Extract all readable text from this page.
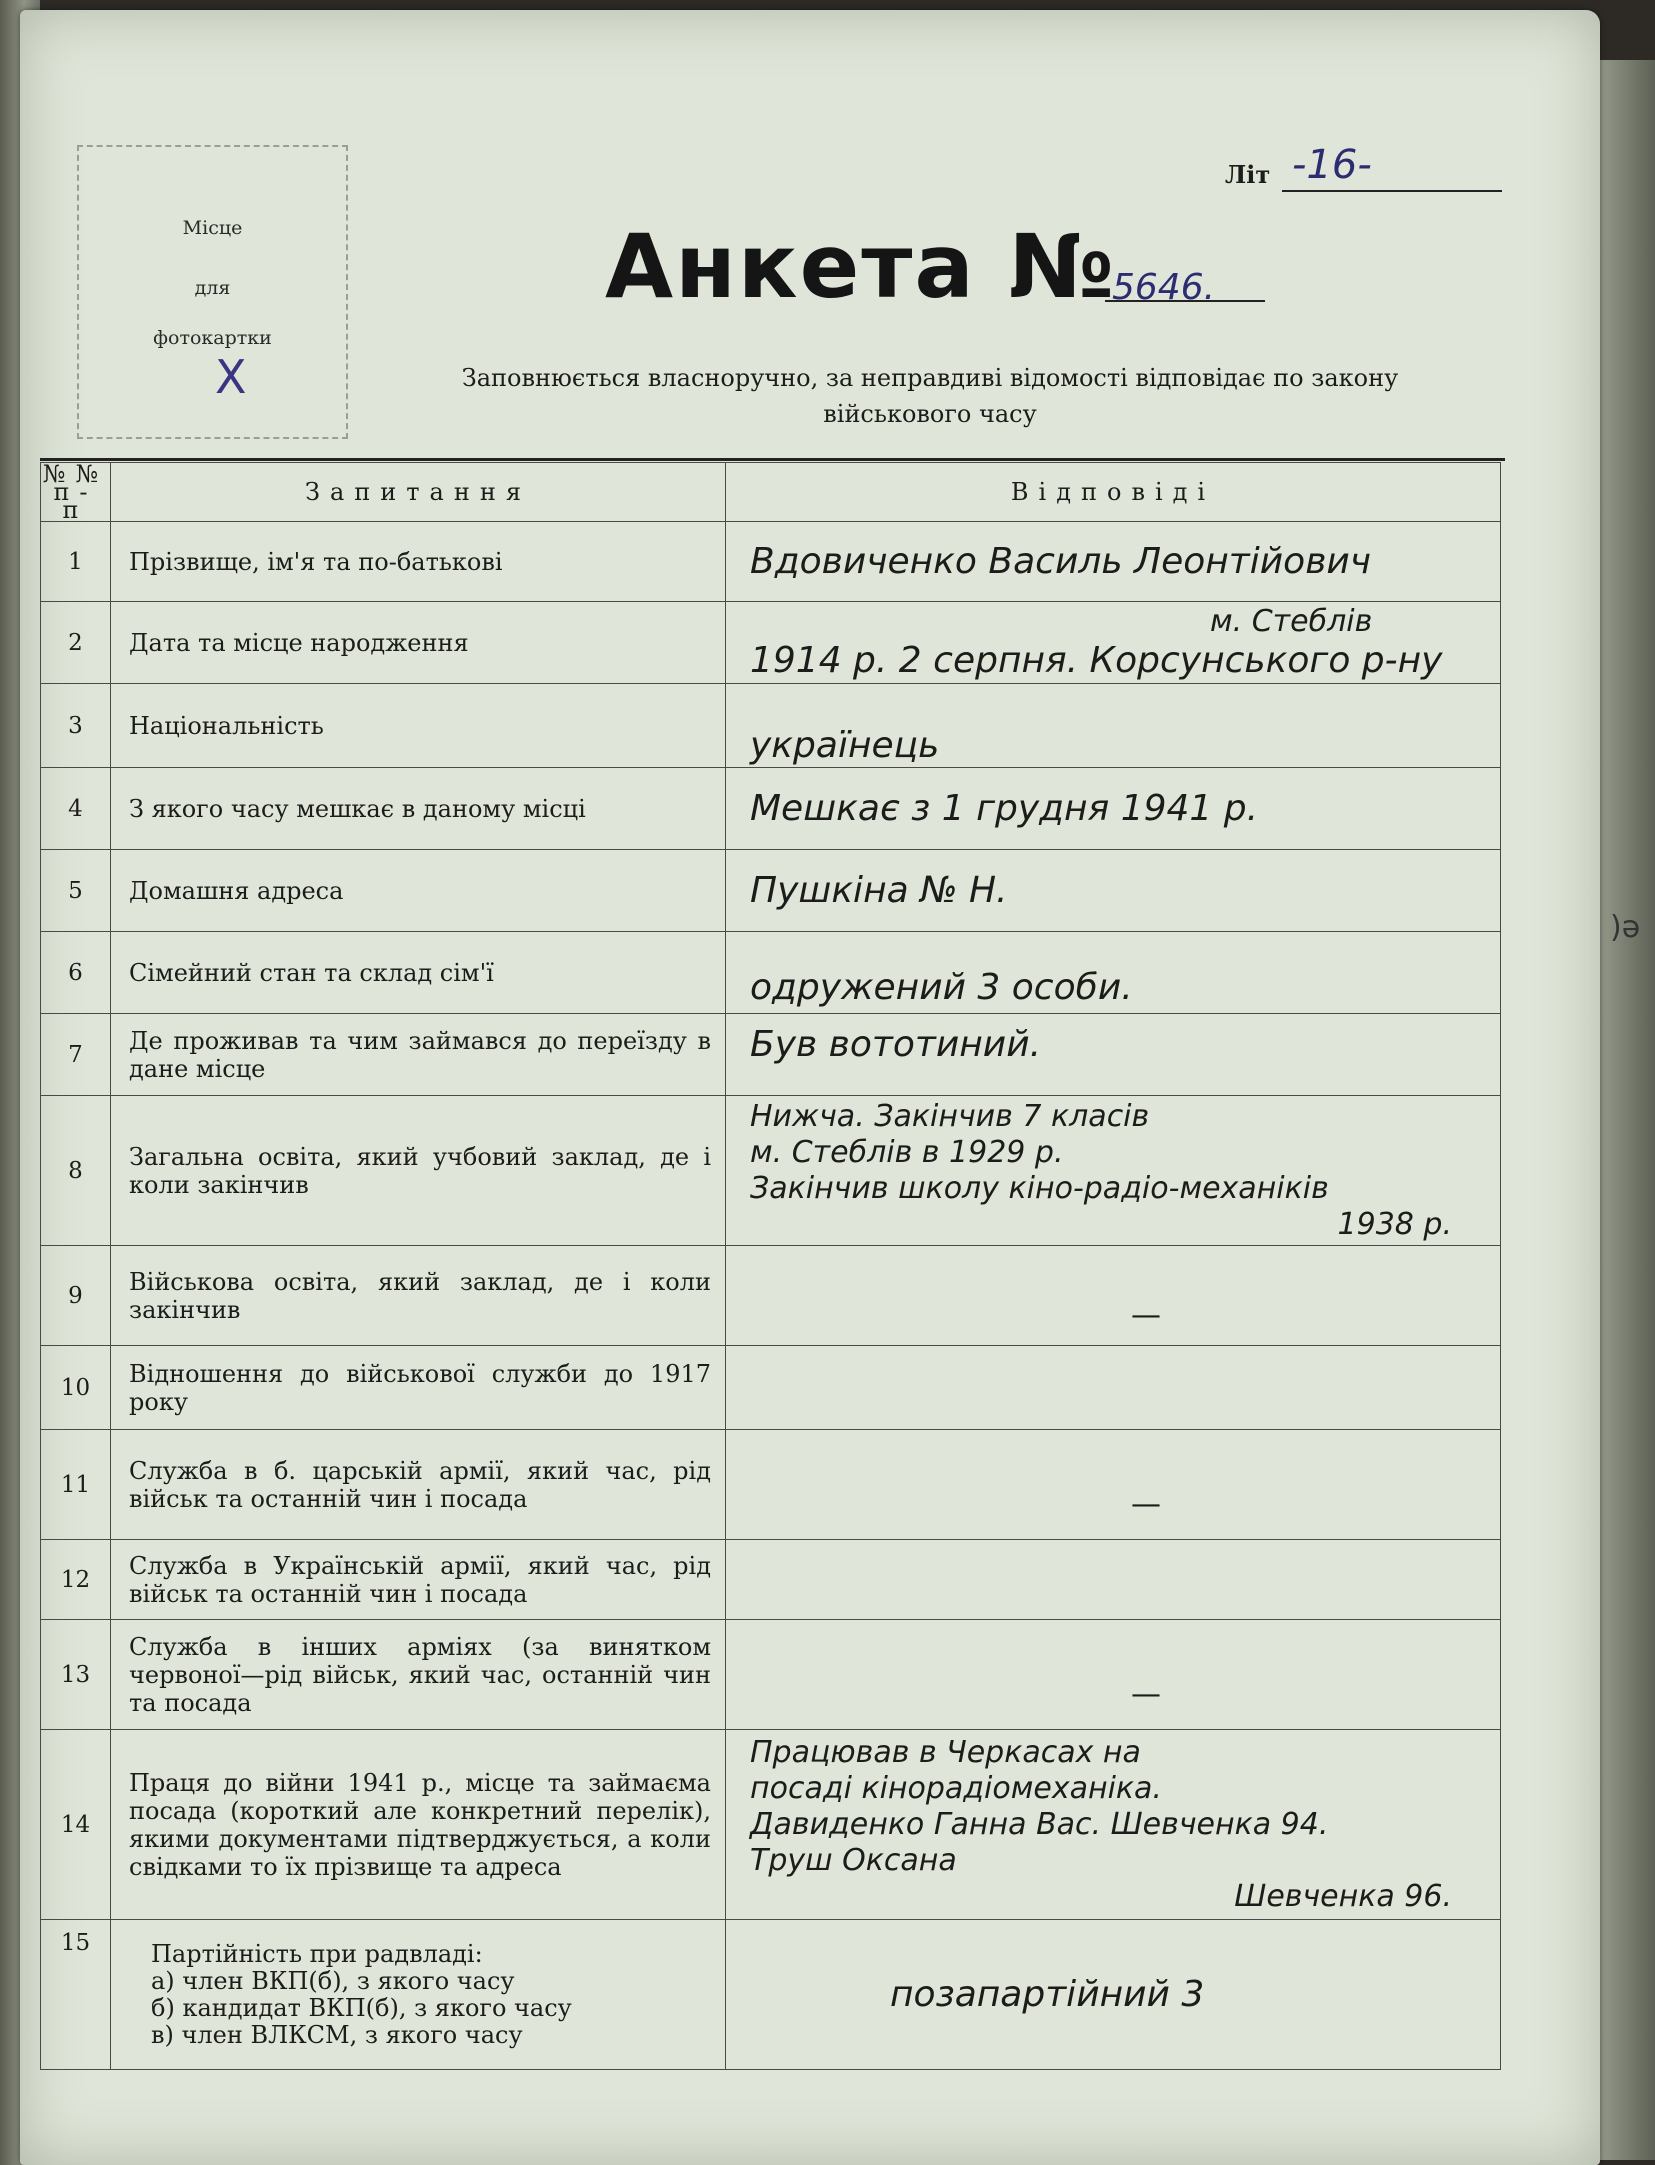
Місце
для
фотокартки
X
Літ -16-
Анкета №
5646.
Заповнюється власноручно, за неправдиві відомості відповідає по закону
військового часу
№№ п-п	Запитання	Відповіді
1	Прізвище, ім'я та по-батькові	Вдовиченко Василь Леонтійович

2	Дата та місце народження	м. Стеблів
1914 р. 2 серпня. Корсунського р-ну

3	Національність	українець

4	З якого часу мешкає в даному місці	Мешкає з 1 грудня 1941 р.

5	Домашня адреса	Пушкіна № Н.

6	Сімейний стан та склад сім'ї	одружений 3 особи.

7	Де проживав та чим займався до переїзду в дане місце	Був вототиний.

8	Загальна освіта, який учбовий заклад, де і коли закінчив	Нижча. Закінчив 7 класів
м. Стеблів в 1929 р.
Закінчив школу кіно-радіо-механіків
1938 р.

9	Військова освіта, який заклад, де і коли закінчив	—

10	Відношення до військової служби до 1917 року	
11	Служба в б. царській армії, який час, рід військ та останній чин і посада	—

12	Служба в Українській армії, який час, рід військ та останній чин і посада	
13	Служба в інших арміях (за винятком червоної—рід військ, який час, останній чин та посада	—

14	Праця до війни 1941 р., місце та займаєма посада (короткий але конкретний перелік), якими документами підтверджується, а коли свідками то їх прізвище та адреса	Працював в Черкасах на
посаді кінорадіомеханіка.
Давиденко Ганна Вас. Шевченка 94.
Труш Оксана
Шевченка 96.

15	Партійність при радвладі:
а) член ВКП(б), з якого часу
б) кандидат ВКП(б), з якого часу
в) член ВЛКСМ, з якого часу	позапартійний 3
)ə
